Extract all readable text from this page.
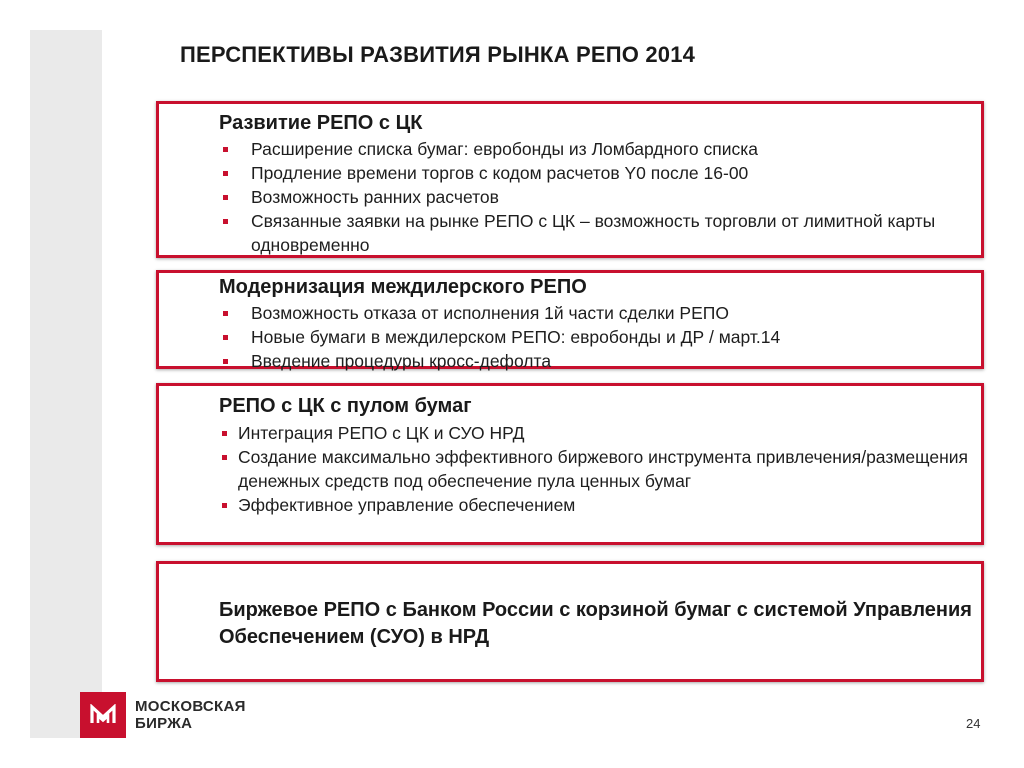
ПЕРСПЕКТИВЫ РАЗВИТИЯ РЫНКА РЕПО 2014
Развитие РЕПО с ЦК
Расширение списка бумаг: евробонды из Ломбардного списка
Продление времени торгов с кодом расчетов Y0 после 16-00
Возможность ранних расчетов
Связанные заявки на рынке РЕПО с ЦК – возможность торговли от лимитной карты одновременно
Модернизация междилерского РЕПО
Возможность отказа от исполнения 1й части сделки РЕПО
Новые бумаги в междилерском РЕПО: евробонды и ДР / март.14
Введение процедуры кросс-дефолта
РЕПО с ЦК с пулом бумаг
Интеграция РЕПО с ЦК и СУО НРД
Создание максимально эффективного биржевого инструмента привлечения/размещения денежных средств под обеспечение пула ценных бумаг
Эффективное управление обеспечением
Биржевое РЕПО с Банком России с корзиной бумаг с системой Управления Обеспечением (СУО) в НРД
МОСКОВСКАЯ
БИРЖА	24
